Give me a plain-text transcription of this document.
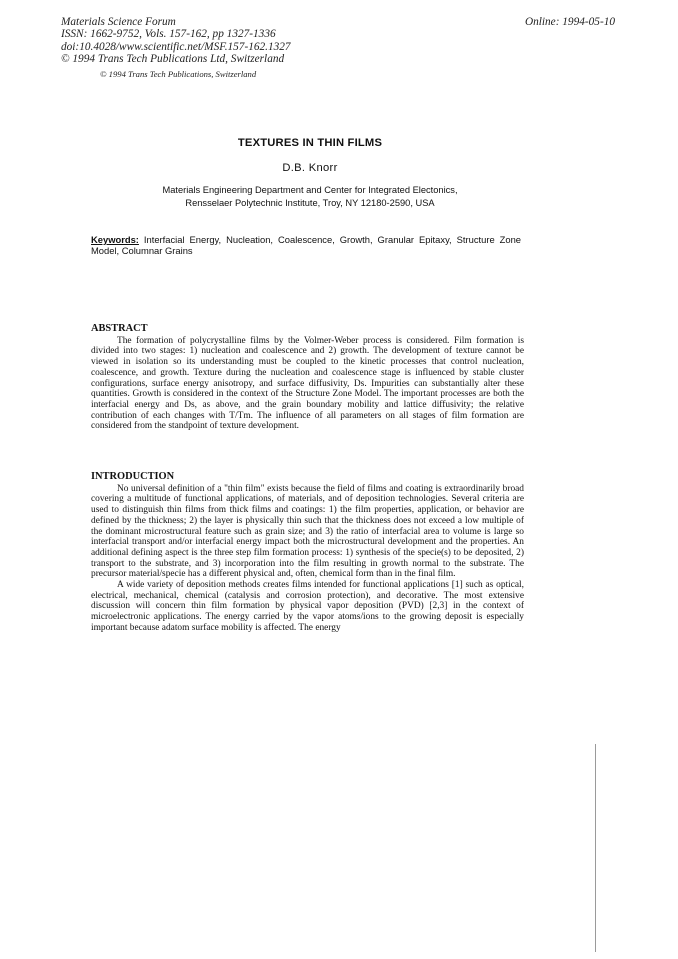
Materials Science Forum
ISSN: 1662-9752, Vols. 157-162, pp 1327-1336
doi:10.4028/www.scientific.net/MSF.157-162.1327
© 1994 Trans Tech Publications Ltd, Switzerland
Online: 1994-05-10
© 1994 Trans Tech Publications, Switzerland
TEXTURES IN THIN FILMS
D.B. Knorr
Materials Engineering Department and Center for Integrated Electonics,
Rensselaer Polytechnic Institute, Troy, NY 12180-2590, USA
Keywords: Interfacial Energy, Nucleation, Coalescence, Growth, Granular Epitaxy, Structure Zone Model, Columnar Grains
ABSTRACT

The formation of polycrystalline films by the Volmer-Weber process is considered. Film formation is divided into two stages: 1) nucleation and coalescence and 2) growth. The development of texture cannot be viewed in isolation so its understanding must be coupled to the kinetic processes that control nucleation, coalescence, and growth. Texture during the nucleation and coalescence stage is influenced by stable cluster configurations, surface energy anisotropy, and surface diffusivity, Ds. Impurities can substantially alter these quantities. Growth is considered in the context of the Structure Zone Model. The important processes are both the interfacial energy and Ds, as above, and the grain boundary mobility and lattice diffusivity; the relative contribution of each changes with T/Tm. The influence of all parameters on all stages of film formation are considered from the standpoint of texture development.

INTRODUCTION

No universal definition of a "thin film" exists because the field of films and coating is extraordinarily broad covering a multitude of functional applications, of materials, and of deposition technologies. Several criteria are used to distinguish thin films from thick films and coatings: 1) the film properties, application, or behavior are defined by the thickness; 2) the layer is physically thin such that the thickness does not exceed a low multiple of the dominant microstructural feature such as grain size; and 3) the ratio of interfacial area to volume is large so interfacial transport and/or interfacial energy impact both the microstructural development and the properties. An additional defining aspect is the three step film formation process: 1) synthesis of the specie(s) to be deposited, 2) transport to the substrate, and 3) incorporation into the film resulting in growth normal to the substrate. The precursor material/specie has a different physical and, often, chemical form than in the final film.

A wide variety of deposition methods creates films intended for functional applications [1] such as optical, electrical, mechanical, chemical (catalysis and corrosion protection), and decorative. The most extensive discussion will concern thin film formation by physical vapor deposition (PVD) [2,3] in the context of microelectronic applications. The energy carried by the vapor atoms/ions to the growing deposit is especially important because adatom surface mobility is affected. The energy
